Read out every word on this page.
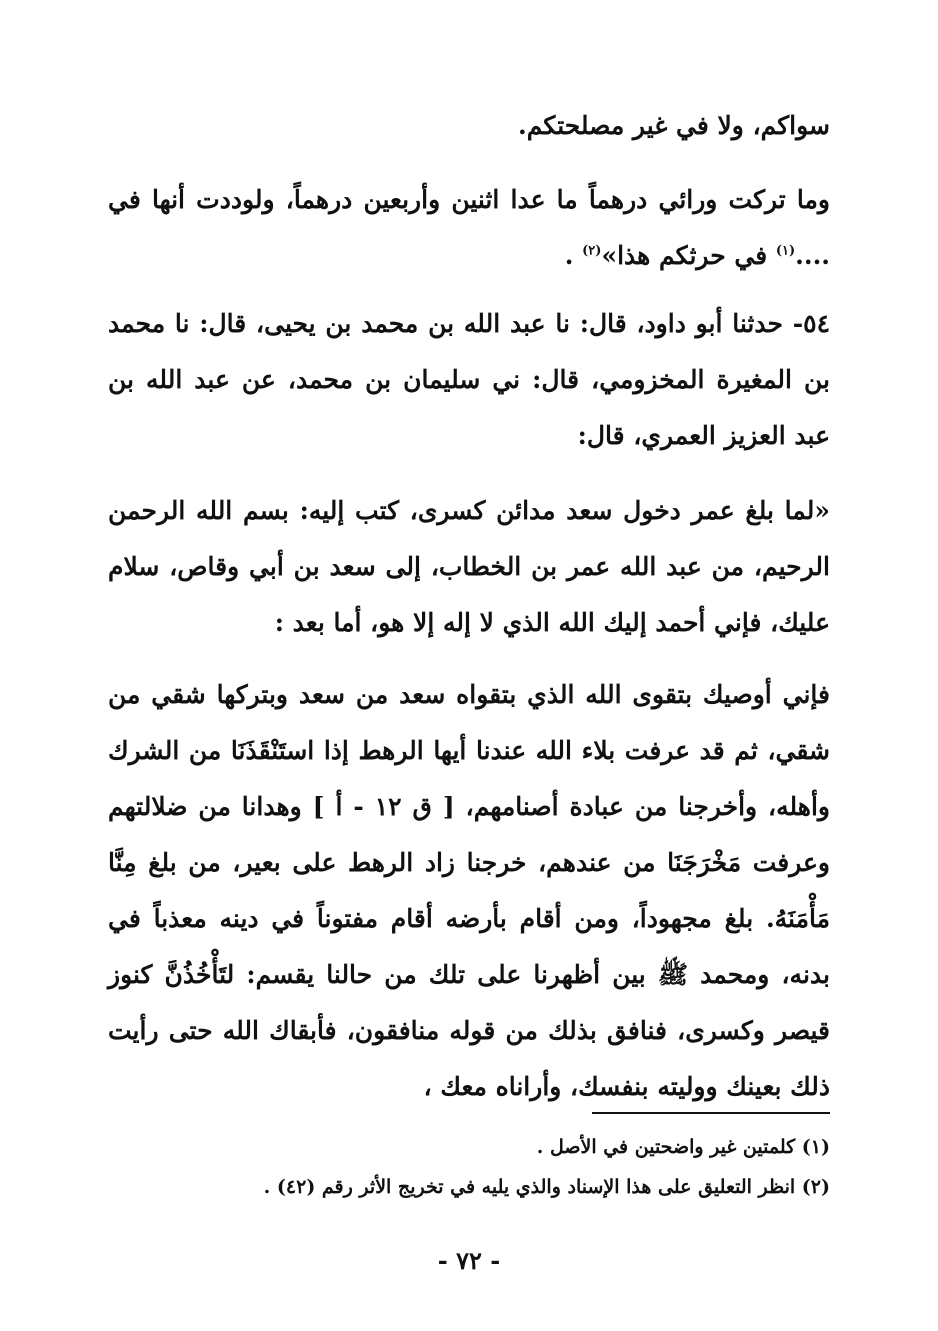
سواكم، ولا في غير مصلحتكم.
وما تركت ورائي درهماً ما عدا اثنين وأربعين درهماً، ولوددت أنها في ....$^{(١)}$ في حرثكم هذا»$^{(٢)}$ .
٥٤- حدثنا أبو داود، قال: نا عبد الله بن محمد بن يحيى، قال: نا محمد بن المغيرة المخزومي، قال: ني سليمان بن محمد، عن عبد الله بن عبد العزيز العمري، قال:
«لما بلغ عمر دخول سعد مدائن كسرى، كتب إليه: بسم الله الرحمن الرحيم، من عبد الله عمر بن الخطاب، إلى سعد بن أبي وقاص، سلام عليك، فإني أحمد إليك الله الذي لا إله إلا هو، أما بعد :
فإني أوصيك بتقوى الله الذي بتقواه سعد من سعد وبتركها شقي من شقي، ثم قد عرفت بلاء الله عندنا أيها الرهط إذا استَنْقَذَنَا من الشرك وأهله، وأخرجنا من عبادة أصنامهم، [ ق ١٢ - أ ] وهدانا من ضلالتهم وعرفت مَخْرَجَنَا من عندهم، خرجنا زاد الرهط على بعير، من بلغ مِنَّا مَأْمَنَهُ. بلغ مجهوداً، ومن أقام بأرضه أقام مفتوناً في دينه معذباً في بدنه، ومحمد ﷺ بين أظهرنا على تلك من حالنا يقسم: لتَأْخُذُنَّ كنوز قيصر وكسرى، فنافق بذلك من قوله منافقون، فأبقاك الله حتى رأيت ذلك بعينك ووليته بنفسك، وأراناه معك ،
(١) كلمتين غير واضحتين في الأصل .
(٢) انظر التعليق على هذا الإسناد والذي يليه في تخريج الأثر رقم (٤٢) .
- ٧٢ -
